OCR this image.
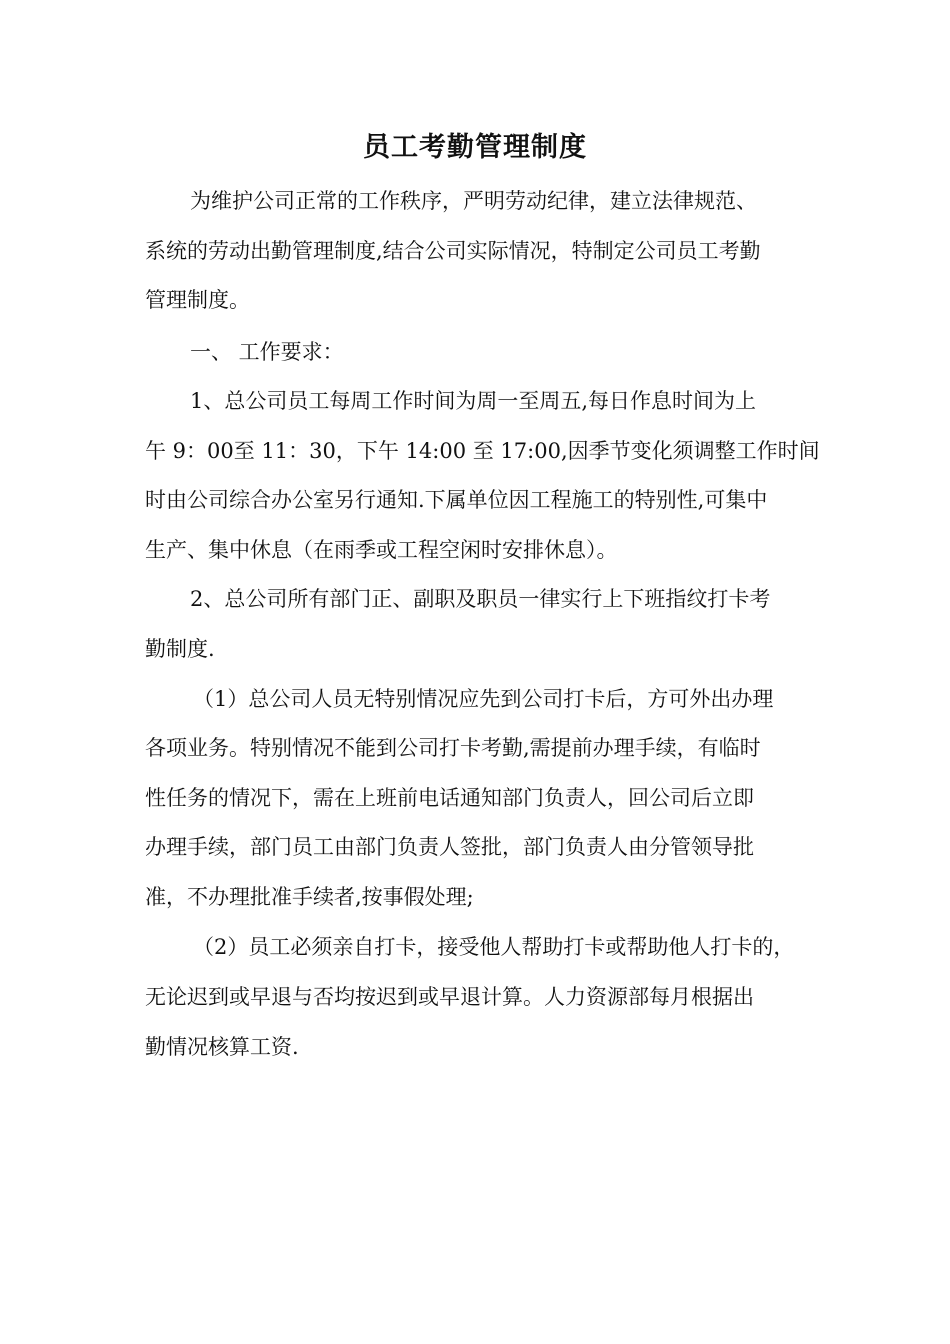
员工考勤管理制度
为维护公司正常的工作秩序，严明劳动纪律，建立法律规范、
系统的劳动出勤管理制度,结合公司实际情况，特制定公司员工考勤
管理制度。
一、 工作要求：
1、总公司员工每周工作时间为周一至周五,每日作息时间为上
午 9：00至 11：30，下午 14:00 至 17:00,因季节变化须调整工作时间
时由公司综合办公室另行通知.下属单位因工程施工的特别性,可集中
生产、集中休息（在雨季或工程空闲时安排休息）。
2、总公司所有部门正、副职及职员一律实行上下班指纹打卡考
勤制度.
（1）总公司人员无特别情况应先到公司打卡后，方可外出办理
各项业务。特别情况不能到公司打卡考勤,需提前办理手续，有临时
性任务的情况下，需在上班前电话通知部门负责人，回公司后立即
办理手续，部门员工由部门负责人签批，部门负责人由分管领导批
准，不办理批准手续者,按事假处理;
（2）员工必须亲自打卡，接受他人帮助打卡或帮助他人打卡的，
无论迟到或早退与否均按迟到或早退计算。人力资源部每月根据出
勤情况核算工资.
